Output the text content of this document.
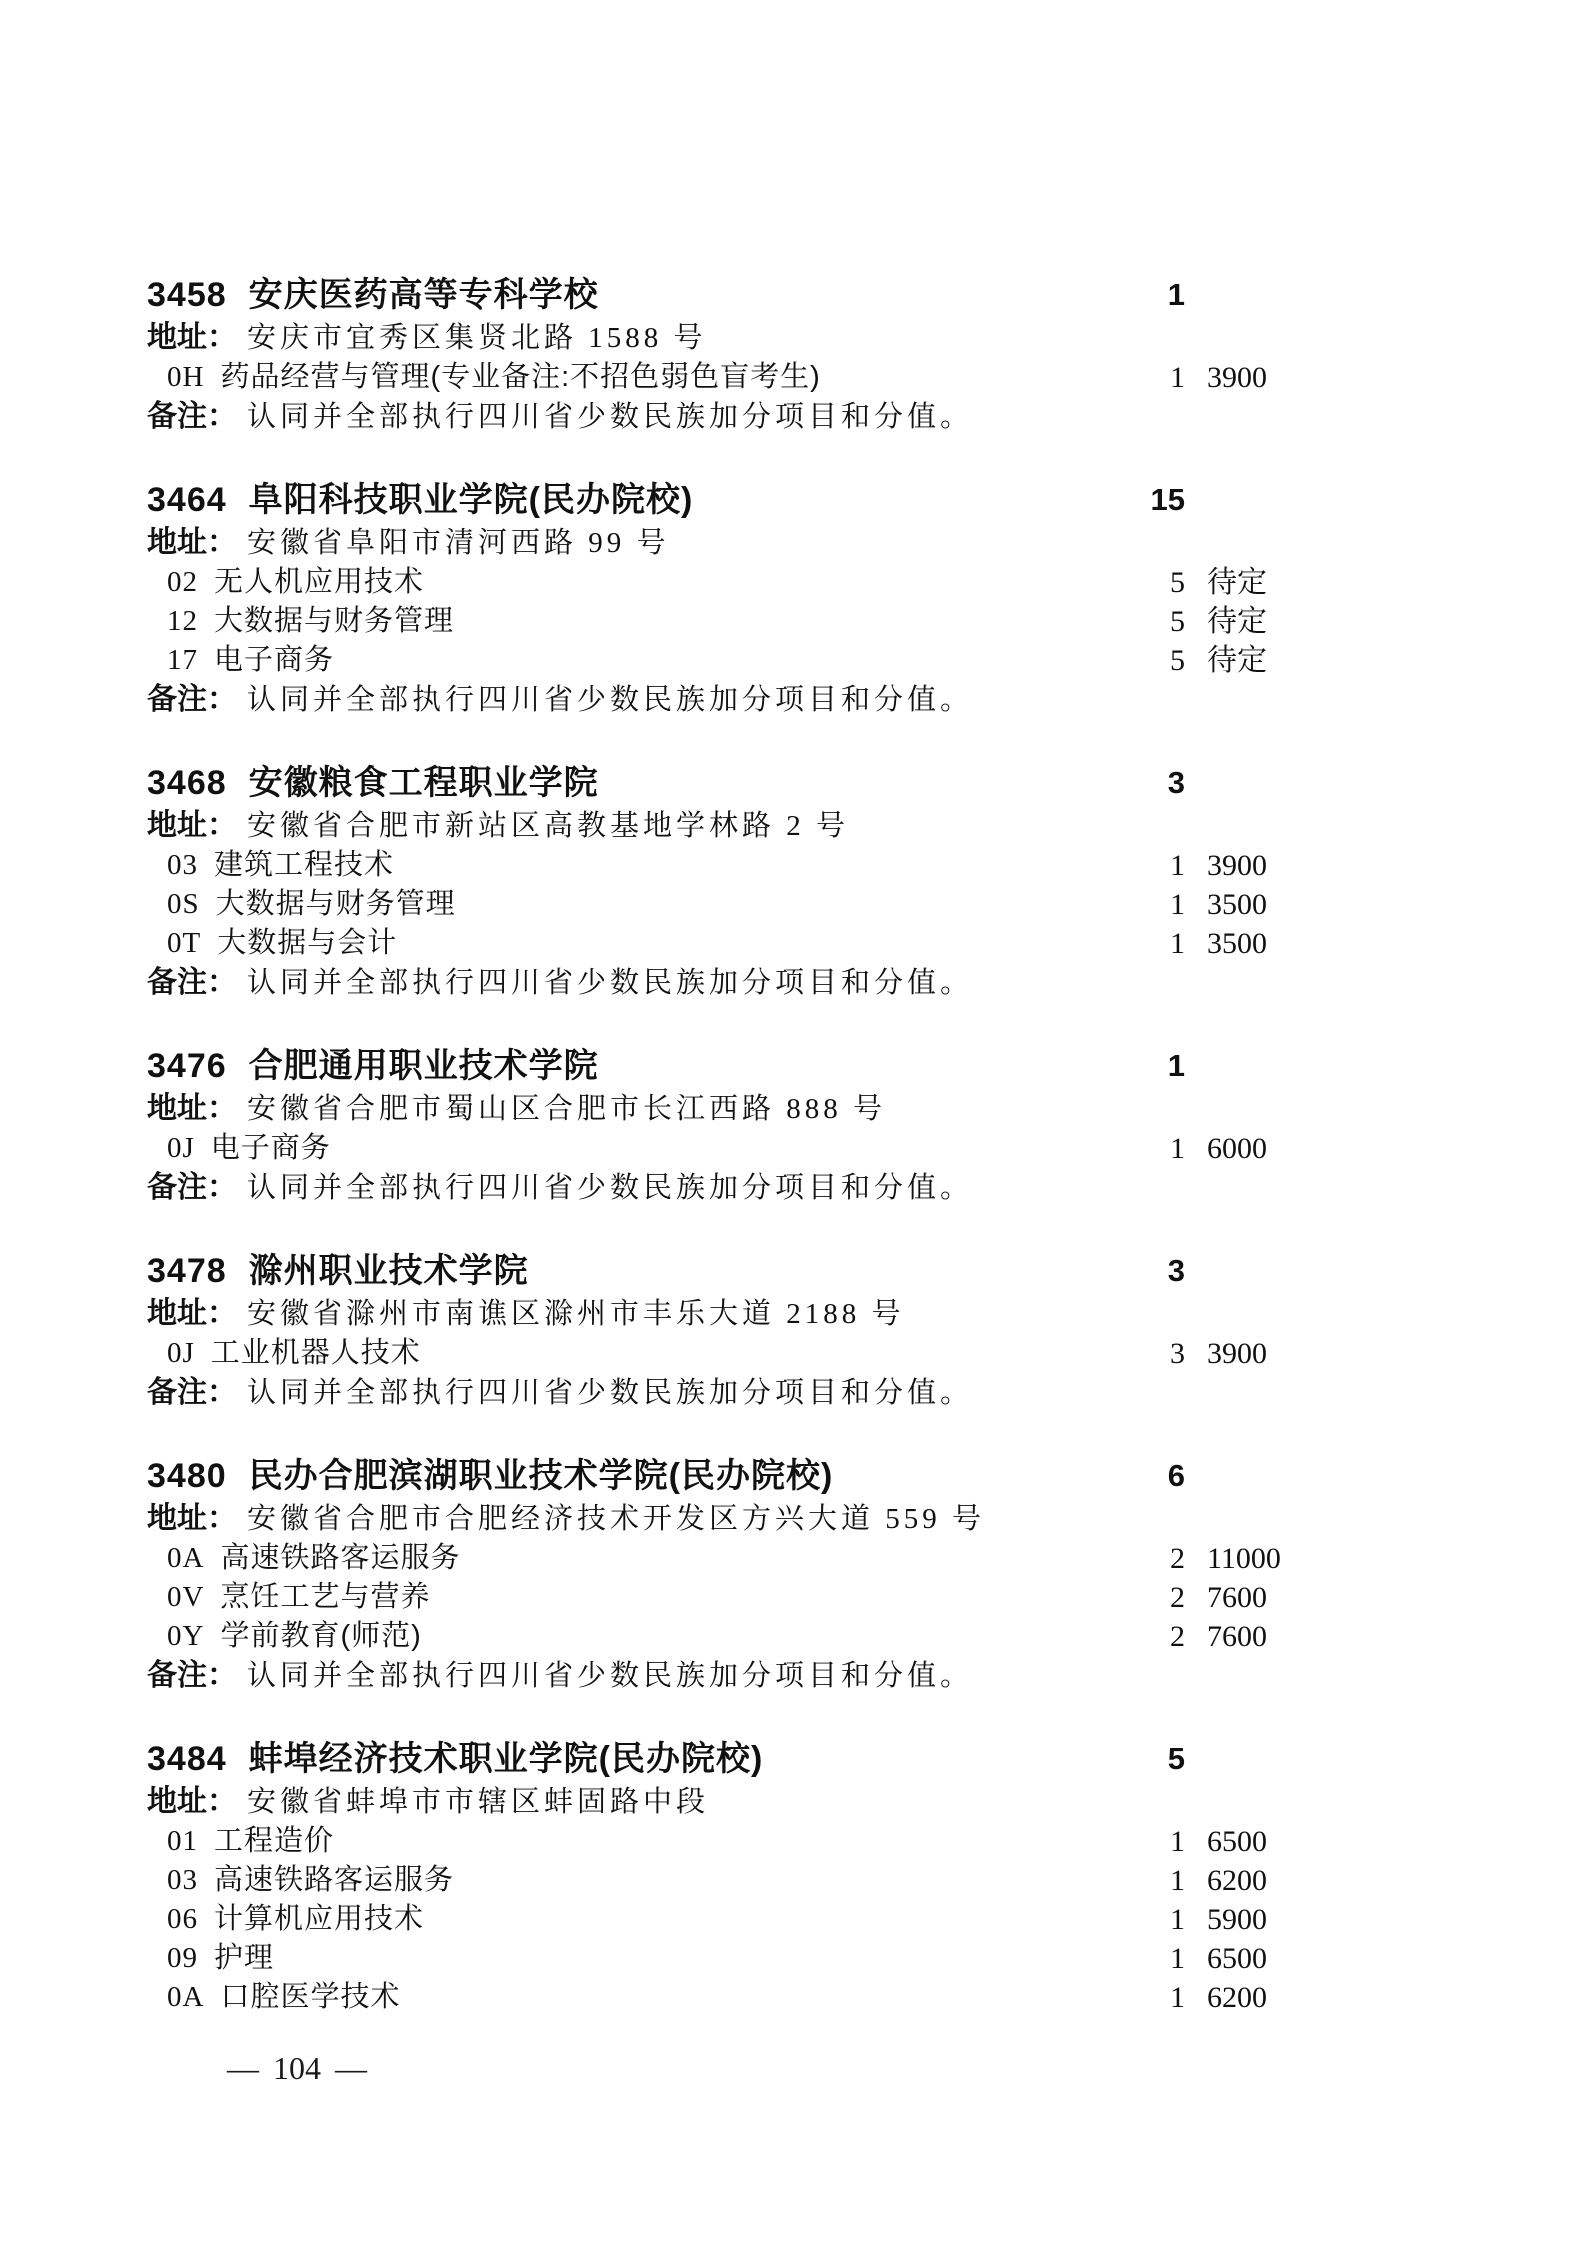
3458 安庆医药高等专科学校	1
地址： 安庆市宜秀区集贤北路 1588 号
0H 药品经营与管理(专业备注:不招色弱色盲考生)	1 3900
备注： 认同并全部执行四川省少数民族加分项目和分值。
3464 阜阳科技职业学院(民办院校)	15
地址： 安徽省阜阳市清河西路 99 号
02 无人机应用技术	5 待定
12 大数据与财务管理	5 待定
17 电子商务	5 待定
备注： 认同并全部执行四川省少数民族加分项目和分值。
3468 安徽粮食工程职业学院	3
地址： 安徽省合肥市新站区高教基地学林路 2 号
03 建筑工程技术	1 3900
0S 大数据与财务管理	1 3500
0T 大数据与会计	1 3500
备注： 认同并全部执行四川省少数民族加分项目和分值。
3476 合肥通用职业技术学院	1
地址： 安徽省合肥市蜀山区合肥市长江西路 888 号
0J 电子商务	1 6000
备注： 认同并全部执行四川省少数民族加分项目和分值。
3478 滁州职业技术学院	3
地址： 安徽省滁州市南谯区滁州市丰乐大道 2188 号
0J 工业机器人技术	3 3900
备注： 认同并全部执行四川省少数民族加分项目和分值。
3480 民办合肥滨湖职业技术学院(民办院校)	6
地址： 安徽省合肥市合肥经济技术开发区方兴大道 559 号
0A 高速铁路客运服务	2 11000
0V 烹饪工艺与营养	2 7600
0Y 学前教育(师范)	2 7600
备注： 认同并全部执行四川省少数民族加分项目和分值。
3484 蚌埠经济技术职业学院(民办院校)	5
地址： 安徽省蚌埠市市辖区蚌固路中段
01 工程造价	1 6500
03 高速铁路客运服务	1 6200
06 计算机应用技术	1 5900
09 护理	1 6500
0A 口腔医学技术	1 6200
— 104 —
